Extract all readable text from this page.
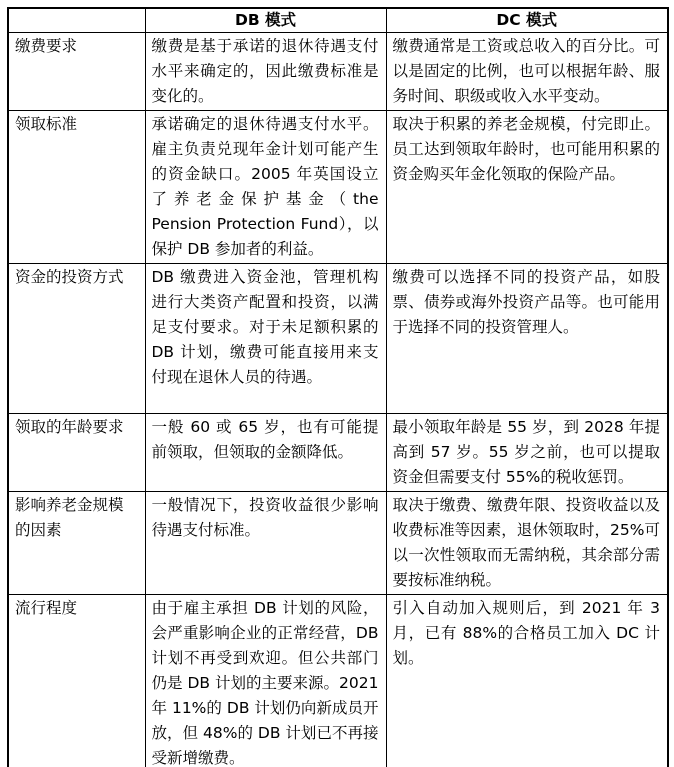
	DB 模式	DC 模式
缴费要求	缴费是基于承诺的退休待遇支付水平来确定的，因此缴费标准是变化的。	缴费通常是工资或总收入的百分比。可以是固定的比例，也可以根据年龄、服务时间、职级或收入水平变动。
领取标准	承诺确定的退休待遇支付水平。雇主负责兑现年金计划可能产生的资金缺口。2005 年英国设立了养老金保护基金（the Pension Protection Fund），以保护 DB 参加者的利益。	取决于积累的养老金规模，付完即止。员工达到领取年龄时，也可能用积累的资金购买年金化领取的保险产品。
资金的投资方式	DB 缴费进入资金池，管理机构进行大类资产配置和投资，以满足支付要求。对于未足额积累的 DB 计划，缴费可能直接用来支付现在退休人员的待遇。	缴费可以选择不同的投资产品，如股票、债券或海外投资产品等。也可能用于选择不同的投资管理人。
领取的年龄要求	一般 60 或 65 岁，也有可能提前领取，但领取的金额降低。	最小领取年龄是 55 岁，到 2028 年提高到 57 岁。55 岁之前，也可以提取资金但需要支付 55%的税收惩罚。
影响养老金规模的因素	一般情况下，投资收益很少影响待遇支付标准。	取决于缴费、缴费年限、投资收益以及收费标准等因素，退休领取时，25%可以一次性领取而无需纳税，其余部分需要按标准纳税。
流行程度	由于雇主承担 DB 计划的风险，会严重影响企业的正常经营，DB 计划不再受到欢迎。但公共部门仍是 DB 计划的主要来源。2021 年 11%的 DB 计划仍向新成员开放，但 48%的 DB 计划已不再接受新增缴费。	引入自动加入规则后，到 2021 年 3 月，已有 88%的合格员工加入 DC 计划。
